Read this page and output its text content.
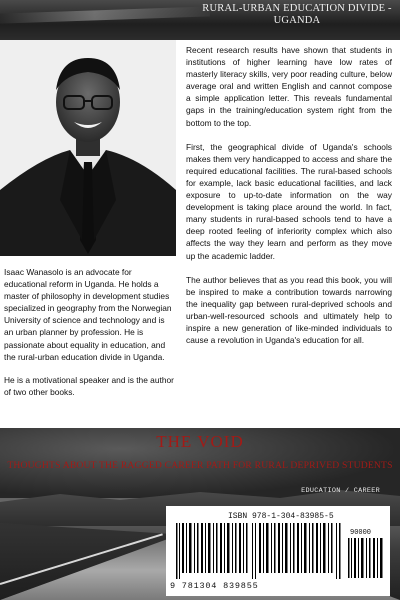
RURAL-URBAN EDUCATION DIVIDE - UGANDA

Isaac Wanasolo is an advocate for educational reform in Uganda. He holds a master of philosophy in development studies specialized in geography from the Norwegian University of science and technology and is an urban planner by profession. He is passionate about equality in education, and the rural-urban education divide in Uganda.

He is a motivational speaker and is the author of two other books.

Recent research results have shown that students in institutions of higher learning have low rates of masterly literacy skills, very poor reading culture, below average oral and written English and cannot compose a simple application letter. This reveals fundamental gaps in the training/education system right from the bottom to the top.

First, the geographical divide of Uganda's schools makes them very handicapped to access and share the required educational facilities. The rural-based schools for example, lack basic educational facilities, and lack exposure to up-to-date information on the way development is taking place around the world. In fact, many students in rural-based schools tend to have a deep rooted feeling of inferiority complex which also affects the way they learn and perform as they move up the academic ladder.

The author believes that as you read this book, you will be inspired to make a contribution towards narrowing the inequality gap between rural-deprived schools and urban-well-resourced schools and ultimately help to inspire a new generation of like-minded individuals to cause a revolution in Uganda's education for all.

THE VOID
THOUGHTS ABOUT THE RAGGED CAREER PATH FOR RURAL DEPRIVED STUDENTS
EDUCATION / CAREER
ISBN 978-1-304-83985-5
90000
9 781304 839855
